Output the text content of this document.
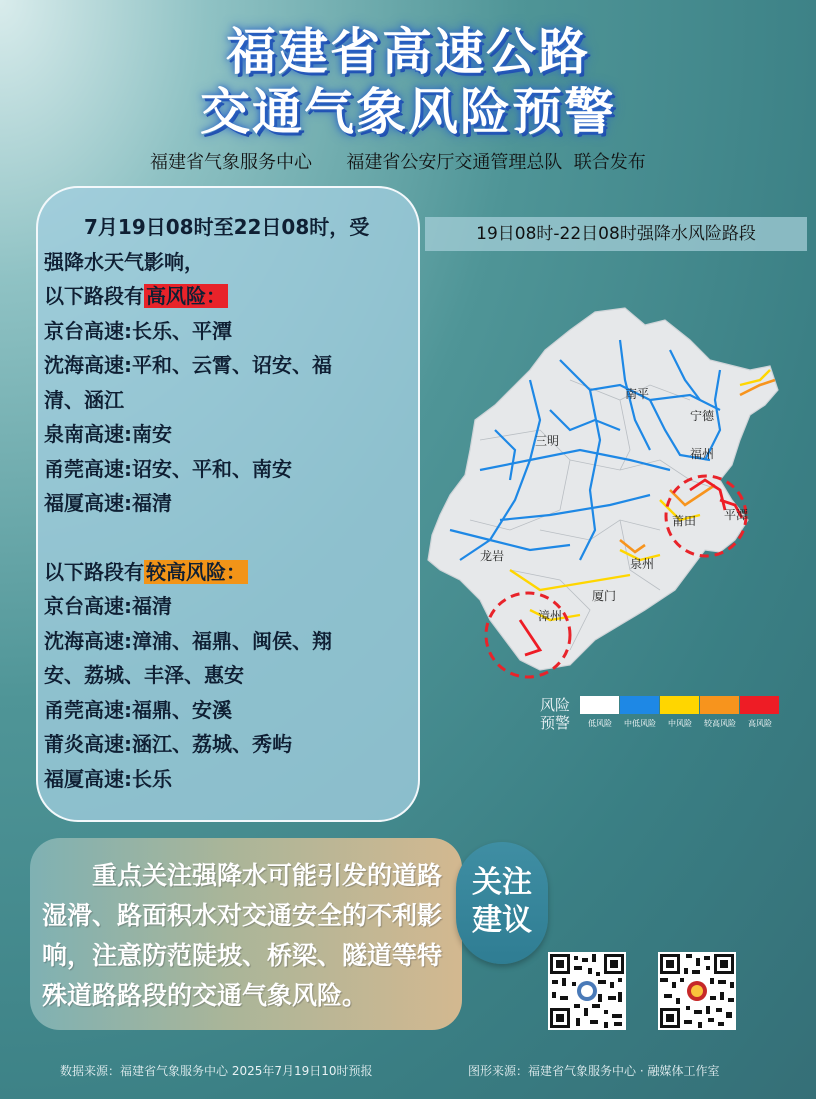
福建省高速公路
交通气象风险预警
福建省气象服务中心      福建省公安厅交通管理总队  联合发布
　　7月19日08时至22日08时，受
强降水天气影响，
以下路段有 高风险：
京台高速:长乐、平潭
沈海高速:平和、云霄、诏安、福
清、涵江
泉南高速:南安
甬莞高速:诏安、平和、南安
福厦高速:福清
以下路段有 较高风险：
京台高速:福清
沈海高速:漳浦、福鼎、闽侯、翔
安、荔城、丰泽、惠安
甬莞高速:福鼎、安溪
莆炎高速:涵江、荔城、秀屿
福厦高速:长乐
19日08时-22日08时强降水风险路段
南平
宁德
福州
三明
莆田 平潭
泉州
龙岩
厦门
漳州
风险
预警	低风险	中低风险	中风险	较高风险	高风险
　　重点关注强降水可能引发的道路湿滑、路面积水对交通安全的不利影响，注意防范陡坡、桥梁、隧道等特殊道路路段的交通气象风险。
关注
建议
数据来源：福建省气象服务中心 2025年7月19日10时预报	图形来源：福建省气象服务中心 · 融媒体工作室
